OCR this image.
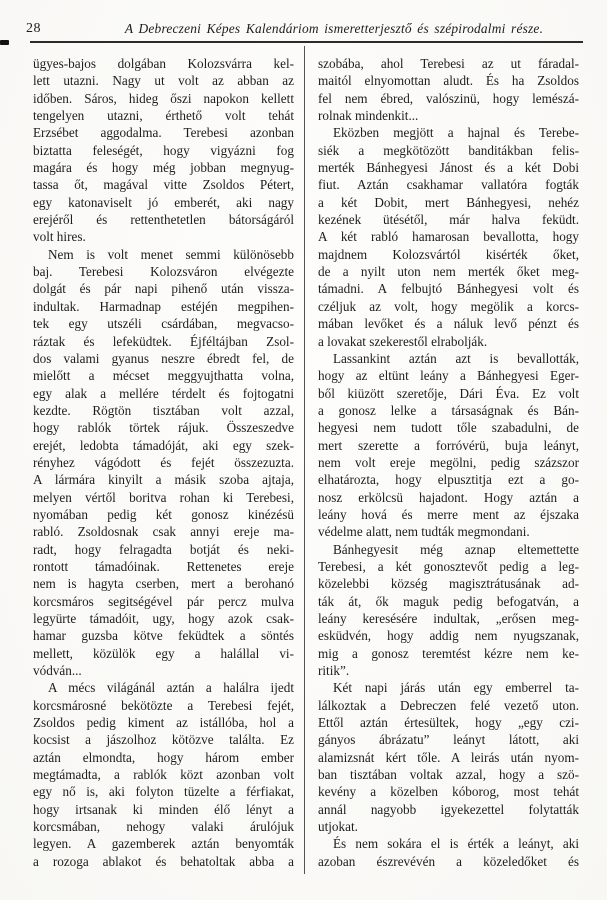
28	A Debreczeni Képes Kalendáriom ismeretterjesztő és szépirodalmi része.
ügyes-bajos dolgában Kolozsvárra kel-
lett utazni. Nagy ut volt az abban az
időben. Sáros, hideg őszi napokon kellett
tengelyen utazni, érthető volt tehát
Erzsébet aggodalma. Terebesi azonban
biztatta feleségét, hogy vigyázni fog
magára és hogy még jobban megnyug-
tassa őt, magával vitte Zsoldos Pétert,
egy katonaviselt jó emberét, aki nagy
erejéről és rettenthetetlen bátorságáról
volt hires.
Nem is volt menet semmi különösebb
baj. Terebesi Kolozsváron elvégezte
dolgát és pár napi pihenő után vissza-
indultak. Harmadnap estéjén megpihen-
tek egy utszéli csárdában, megvacso-
ráztak és lefeküdtek. Éjféltájban Zsol-
dos valami gyanus neszre ébredt fel, de
mielőtt a mécset meggyujthatta volna,
egy alak a mellére térdelt és fojtogatni
kezdte. Rögtön tisztában volt azzal,
hogy rablók törtek rájuk. Összeszedve
erejét, ledobta támadóját, aki egy szek-
rényhez vágódott és fejét összezuzta.
A lármára kinyilt a másik szoba ajtaja,
melyen vértől boritva rohan ki Terebesi,
nyomában pedig két gonosz kinézésü
rabló. Zsoldosnak csak annyi ereje ma-
radt, hogy felragadta botját és neki-
rontott támadóinak. Rettenetes ereje
nem is hagyta cserben, mert a berohanó
korcsmáros segitségével pár percz mulva
legyürte támadóit, ugy, hogy azok csak-
hamar guzsba kötve feküdtek a söntés
mellett, közülök egy a halállal vi-
vódván...
A mécs világánál aztán a halálra ijedt
korcsmárosné bekötözte a Terebesi fejét,
Zsoldos pedig kiment az istállóba, hol a
kocsist a jászolhoz kötözve találta. Ez
aztán elmondta, hogy három ember
megtámadta, a rablók közt azonban volt
egy nő is, aki folyton tüzelte a férfiakat,
hogy irtsanak ki minden élő lényt a
korcsmában, nehogy valaki árulójuk
legyen. A gazemberek aztán benyomták
a rozoga ablakot és behatoltak abba a
szobába, ahol Terebesi az ut fáradal-
maitól elnyomottan aludt. És ha Zsoldos
fel nem ébred, valószinü, hogy lemészá-
rolnak mindenkit...
Eközben megjött a hajnal és Terebe-
siék a megkötözött banditákban felis-
merték Bánhegyesi Jánost és a két Dobi
fiut. Aztán csakhamar vallatóra fogták
a két Dobit, mert Bánhegyesi, nehéz
kezének ütésétől, már halva feküdt.
A két rabló hamarosan bevallotta, hogy
majdnem Kolozsvártól kisérték őket,
de a nyilt uton nem merték őket meg-
támadni. A felbujtó Bánhegyesi volt és
czéljuk az volt, hogy megölik a korcs-
mában levőket és a náluk levő pénzt és
a lovakat szekerestől elrabolják.
Lassankint aztán azt is bevallották,
hogy az eltünt leány a Bánhegyesi Eger-
ből kiüzött szeretője, Dári Éva. Ez volt
a gonosz lelke a társaságnak és Bán-
hegyesi nem tudott tőle szabadulni, de
mert szerette a forróvérü, buja leányt,
nem volt ereje megölni, pedig százszor
elhatározta, hogy elpusztitja ezt a go-
nosz erkölcsü hajadont. Hogy aztán a
leány hová és merre ment az éjszaka
védelme alatt, nem tudták megmondani.
Bánhegyesit még aznap eltemettette
Terebesi, a két gonosztevőt pedig a leg-
közelebbi község magisztrátusának ad-
ták át, ők maguk pedig befogatván, a
leány keresésére indultak, „erősen meg-
esküdvén, hogy addig nem nyugszanak,
mig a gonosz teremtést kézre nem ke-
ritik”.
Két napi járás után egy emberrel ta-
lálkoztak a Debreczen felé vezető uton.
Ettől aztán értesültek, hogy „egy czi-
gányos ábrázatu” leányt látott, aki
alamizsnát kért tőle. A leirás után nyom-
ban tisztában voltak azzal, hogy a szö-
kevény a közelben kóborog, most tehát
annál nagyobb igyekezettel folytatták
utjokat.
És nem sokára el is érték a leányt, aki
azoban észrevévén a közeledőket és
